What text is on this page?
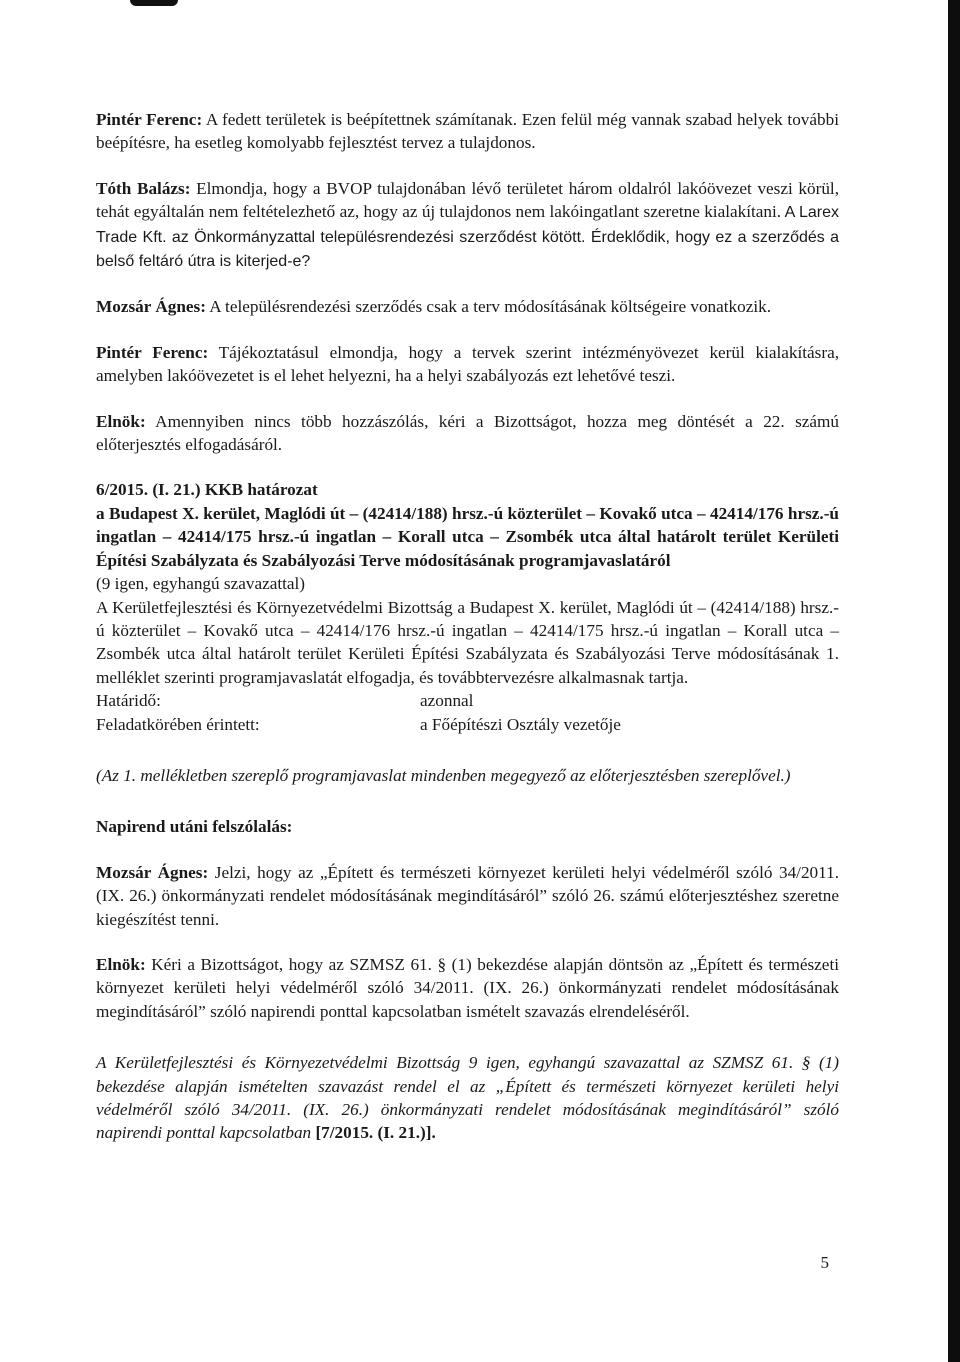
Pintér Ferenc: A fedett területek is beépítettnek számítanak. Ezen felül még vannak szabad helyek további beépítésre, ha esetleg komolyabb fejlesztést tervez a tulajdonos.

Tóth Balázs: Elmondja, hogy a BVOP tulajdonában lévő területet három oldalról lakóövezet veszi körül, tehát egyáltalán nem feltételezhető az, hogy az új tulajdonos nem lakóingatlant szeretne kialakítani. A Larex Trade Kft. az Önkormányzattal településrendezési szerződést kötött. Érdeklődik, hogy ez a szerződés a belső feltáró útra is kiterjed-e?

Mozsár Ágnes: A településrendezési szerződés csak a terv módosításának költségeire vonatkozik.

Pintér Ferenc: Tájékoztatásul elmondja, hogy a tervek szerint intézményövezet kerül kialakításra, amelyben lakóövezetet is el lehet helyezni, ha a helyi szabályozás ezt lehetővé teszi.

Elnök: Amennyiben nincs több hozzászólás, kéri a Bizottságot, hozza meg döntését a 22. számú előterjesztés elfogadásáról.

6/2015. (I. 21.) KKB határozat

a Budapest X. kerület, Maglódi út – (42414/188) hrsz.-ú közterület – Kovakő utca – 42414/176 hrsz.-ú ingatlan – 42414/175 hrsz.-ú ingatlan – Korall utca – Zsombék utca által határolt terület Kerületi Építési Szabályzata és Szabályozási Terve módosításának programjavaslatáról

(9 igen, egyhangú szavazattal)

A Kerületfejlesztési és Környezetvédelmi Bizottság a Budapest X. kerület, Maglódi út – (42414/188) hrsz.-ú közterület – Kovakő utca – 42414/176 hrsz.-ú ingatlan – 42414/175 hrsz.-ú ingatlan – Korall utca – Zsombék utca által határolt terület Kerületi Építési Szabályzata és Szabályozási Terve módosításának 1. melléklet szerinti programjavaslatát elfogadja, és továbbtervezésre alkalmasnak tartja.

Határidő:	azonnal
Feladatkörében érintett:	a Főépítészi Osztály vezetője

(Az 1. mellékletben szereplő programjavaslat mindenben megegyező az előterjesztésben szereplővel.)

Napirend utáni felszólalás:

Mozsár Ágnes: Jelzi, hogy az „Épített és természeti környezet kerületi helyi védelméről szóló 34/2011. (IX. 26.) önkormányzati rendelet módosításának megindításáról” szóló 26. számú előterjesztéshez szeretne kiegészítést tenni.

Elnök: Kéri a Bizottságot, hogy az SZMSZ 61. § (1) bekezdése alapján döntsön az „Épített és természeti környezet kerületi helyi védelméről szóló 34/2011. (IX. 26.) önkormányzati rendelet módosításának megindításáról” szóló napirendi ponttal kapcsolatban ismételt szavazás elrendeléséről.

A Kerületfejlesztési és Környezetvédelmi Bizottság 9 igen, egyhangú szavazattal az SZMSZ 61. § (1) bekezdése alapján ismételten szavazást rendel el az „Épített és természeti környezet kerületi helyi védelméről szóló 34/2011. (IX. 26.) önkormányzati rendelet módosításának megindításáról” szóló napirendi ponttal kapcsolatban [7/2015. (I. 21.)].

5
